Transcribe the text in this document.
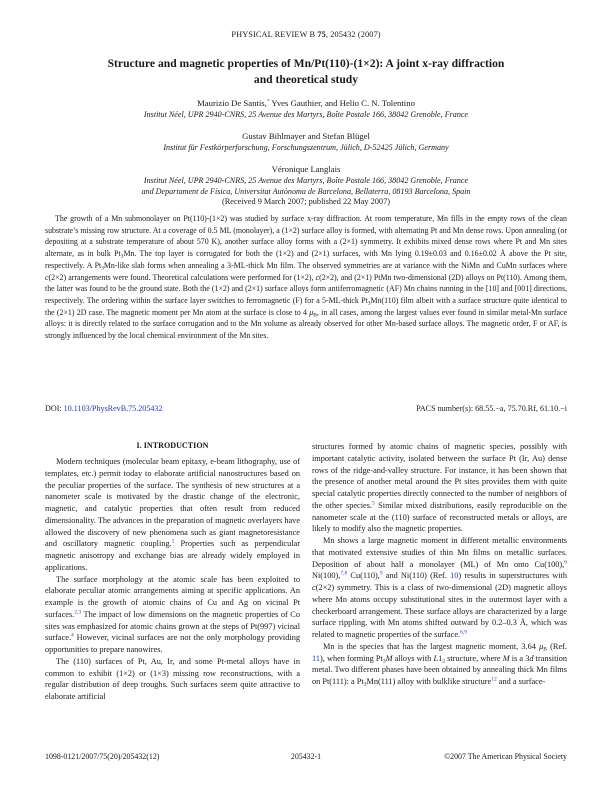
PHYSICAL REVIEW B 75, 205432 (2007)
Structure and magnetic properties of Mn/Pt(110)-(1×2): A joint x-ray diffraction
and theoretical study
Maurizio De Santis,* Yves Gauthier, and Helio C. N. Tolentino
Institut Néel, UPR 2940-CNRS, 25 Avenue des Martyrs, Boîte Postale 166, 38042 Grenoble, France
Gustav Bihlmayer and Stefan Blügel
Institut für Festkörperforschung, Forschungszentrum, Jülich, D-52425 Jülich, Germany
Véronique Langlais
Institut Néel, UPR 2940-CNRS, 25 Avenue des Martyrs, Boîte Postale 166, 38042 Grenoble, France
and Departament de Física, Universitat Autònoma de Barcelona, Bellaterra, 08193 Barcelona, Spain
(Received 9 March 2007; published 22 May 2007)
The growth of a Mn submonolayer on Pt(110)-(1×2) was studied by surface x-ray diffraction. At room temperature, Mn fills in the empty rows of the clean substrate’s missing row structure. At a coverage of 0.5 ML (monolayer), a (1×2) surface alloy is formed, with alternating Pt and Mn dense rows. Upon annealing (or depositing at a substrate temperature of about 570 K), another surface alloy forms with a (2×1) symmetry. It exhibits mixed dense rows where Pt and Mn sites alternate, as in bulk $Pt_3Mn$. The top layer is corrugated for both the (1×2) and (2×1) surfaces, with Mn lying 0.19±0.03 and 0.16±0.02 Å above the Pt site, respectively. A $Pt_3Mn$-like slab forms when annealing a 3-ML-thick Mn film. The observed symmetries are at variance with the NiMn and CuMn surfaces where c(2×2) arrangements were found. Theoretical calculations were performed for (1×2), c(2×2), and (2×1) PtMn two-dimensional (2D) alloys on Pt(110). Among them, the latter was found to be the ground state. Both the (1×2) and (2×1) surface alloys form antiferromagnetic (AF) Mn chains running in the [10] and [001] directions, respectively. The ordering within the surface layer switches to ferromagnetic (F) for a 5-ML-thick $Pt_3Mn(110)$ film albeit with a surface structure quite identical to the (2×1) 2D case. The magnetic moment per Mn atom at the surface is close to 4 $\mu_B$, in all cases, among the largest values ever found in similar metal-Mn surface alloys: it is directly related to the surface corrugation and to the Mn volume as already observed for other Mn-based surface alloys. The magnetic order, F or AF, is strongly influenced by the local chemical environment of the Mn sites.
DOI: 10.1103/PhysRevB.75.205432	PACS number(s): 68.55.−a, 75.70.Rf, 61.10.−i
I. INTRODUCTION

Modern techniques (molecular beam epitaxy, e-beam lithography, use of templates, etc.) permit today to elaborate artificial nanostructures based on the peculiar properties of the surface. The synthesis of new structures at a nanometer scale is motivated by the drastic change of the electronic, magnetic, and catalytic properties that often result from reduced dimensionality. The advances in the preparation of magnetic overlayers have allowed the discovery of new phenomena such as giant magnetoresistance and oscillatory magnetic coupling.$^1$ Properties such as perpendicular magnetic anisotropy and exchange bias are already widely employed in applications.

The surface morphology at the atomic scale has been exploited to elaborate peculiar atomic arrangements aiming at specific applications. An example is the growth of atomic chains of Cu and Ag on vicinal Pt surfaces.$^{2,3}$ The impact of low dimensions on the magnetic properties of Co sites was emphasized for atomic chains grown at the steps of Pt(997) vicinal surface.$^4$ However, vicinal surfaces are not the only morphology providing opportunities to prepare nanowires.

The (110) surfaces of Pt, Au, Ir, and some Pt-metal alloys have in common to exhibit (1×2) or (1×3) missing row reconstructions, with a regular distribution of deep troughs. Such surfaces seem quite attractive to elaborate artificial

structures formed by atomic chains of magnetic species, possibly with important catalytic activity, isolated between the surface Pt (Ir, Au) dense rows of the ridge-and-valley structure. For instance, it has been shown that the presence of another metal around the Pt sites provides them with quite special catalytic properties directly connected to the number of neighbors of the other species.$^5$ Similar mixed distributions, easily reproducible on the nanometer scale at the (110) surface of reconstructed metals or alloys, are likely to modify also the magnetic properties.

Mn shows a large magnetic moment in different metallic environments that motivated extensive studies of thin Mn films on metallic surfaces. Deposition of about half a monolayer (ML) of Mn onto Cu(100),$^6$ Ni(100),$^{7,8}$ Cu(110),$^9$ and Ni(110) (Ref. 10) results in superstructures with c(2×2) symmetry. This is a class of two-dimensional (2D) magnetic alloys where Mn atoms occupy substitutional sites in the outermost layer with a checkerboard arrangement. These surface alloys are characterized by a large surface rippling, with Mn atoms shifted outward by 0.2–0.3 Å, which was related to magnetic properties of the surface.$^{6,9}$

Mn is the species that has the largest magnetic moment, 3.64 $\mu_B$ (Ref. 11), when forming $Pt_3M$ alloys with $L1_2$ structure, where M is a 3d transition metal. Two different phases have been obtained by annealing thick Mn films on Pt(111): a $Pt_3Mn(111)$ alloy with bulklike structure$^{12}$ and a surface-

1098-0121/2007/75(20)/205432(12)	205432-1	©2007 The American Physical Society
